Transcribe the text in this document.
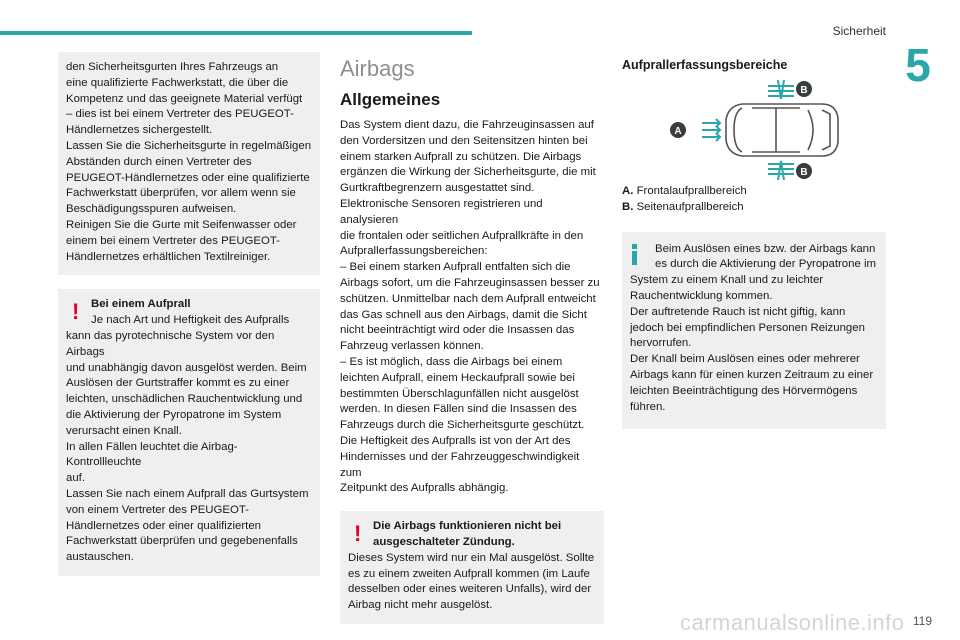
Sicherheit
5

den Sicherheitsgurten Ihres Fahrzeugs an

eine qualifizierte Fachwerkstatt, die über die

Kompetenz und das geeignete Material verfügt

– dies ist bei einem Vertreter des PEUGEOT-

Händlernetzes sichergestellt.

Lassen Sie die Sicherheitsgurte in regelmäßigen

Abständen durch einen Vertreter des

PEUGEOT-Händlernetzes oder eine qualifizierte

Fachwerkstatt überprüfen, vor allem wenn sie

Beschädigungsspuren aufweisen.

Reinigen Sie die Gurte mit Seifenwasser oder

einem bei einem Vertreter des PEUGEOT-

Händlernetzes erhältlichen Textilreiniger.

!	Bei einem Aufprall

Je nach Art und Heftigkeit des Aufpralls

kann das pyrotechnische System vor den Airbags

und unabhängig davon ausgelöst werden. Beim

Auslösen der Gurtstraffer kommt es zu einer

leichten, unschädlichen Rauchentwicklung und

die Aktivierung der Pyropatrone im System

verursacht einen Knall.

In allen Fällen leuchtet die Airbag-Kontrollleuchte

auf.

Lassen Sie nach einem Aufprall das Gurtsystem

von einem Vertreter des PEUGEOT-

Händlernetzes oder einer qualifizierten

Fachwerkstatt überprüfen und gegebenenfalls

austauschen.

Airbags
Allgemeines

Das System dient dazu, die Fahrzeuginsassen auf

den Vordersitzen und den Seitensitzen hinten bei

einem starken Aufprall zu schützen. Die Airbags

ergänzen die Wirkung der Sicherheitsgurte, die mit

Gurtkraftbegrenzern ausgestattet sind.

Elektronische Sensoren registrieren und analysieren

die frontalen oder seitlichen Aufprallkräfte in den

Aufprallerfassungsbereichen:

– Bei einem starken Aufprall entfalten sich die

Airbags sofort, um die Fahrzeuginsassen besser zu

schützen. Unmittelbar nach dem Aufprall entweicht

das Gas schnell aus den Airbags, damit die Sicht

nicht beeinträchtigt wird oder die Insassen das

Fahrzeug verlassen können.

– Es ist möglich, dass die Airbags bei einem

leichten Aufprall, einem Heckaufprall sowie bei

bestimmten Überschlagunfällen nicht ausgelöst

werden. In diesen Fällen sind die Insassen des

Fahrzeugs durch die Sicherheitsgurte geschützt.

Die Heftigkeit des Aufpralls ist von der Art des

Hindernisses und der Fahrzeuggeschwindigkeit zum

Zeitpunkt des Aufpralls abhängig.

!	Die Airbags funktionieren nicht bei

ausgeschalteter Zündung.

Dieses System wird nur ein Mal ausgelöst. Sollte

es zu einem zweiten Aufprall kommen (im Laufe

desselben oder eines weiteren Unfalls), wird der

Airbag nicht mehr ausgelöst.

Aufprallerfassungsbereiche
A
B
B
A. Frontalaufprallbereich
B. Seitenaufprallbereich

Beim Auslösen eines bzw. der Airbags kann

es durch die Aktivierung der Pyropatrone im

System zu einem Knall und zu leichter

Rauchentwicklung kommen.

Der auftretende Rauch ist nicht giftig, kann

jedoch bei empfindlichen Personen Reizungen

hervorrufen.

Der Knall beim Auslösen eines oder mehrerer

Airbags kann für einen kurzen Zeitraum zu einer

leichten Beeinträchtigung des Hörvermögens

führen.

carmanualsonline.info 119
